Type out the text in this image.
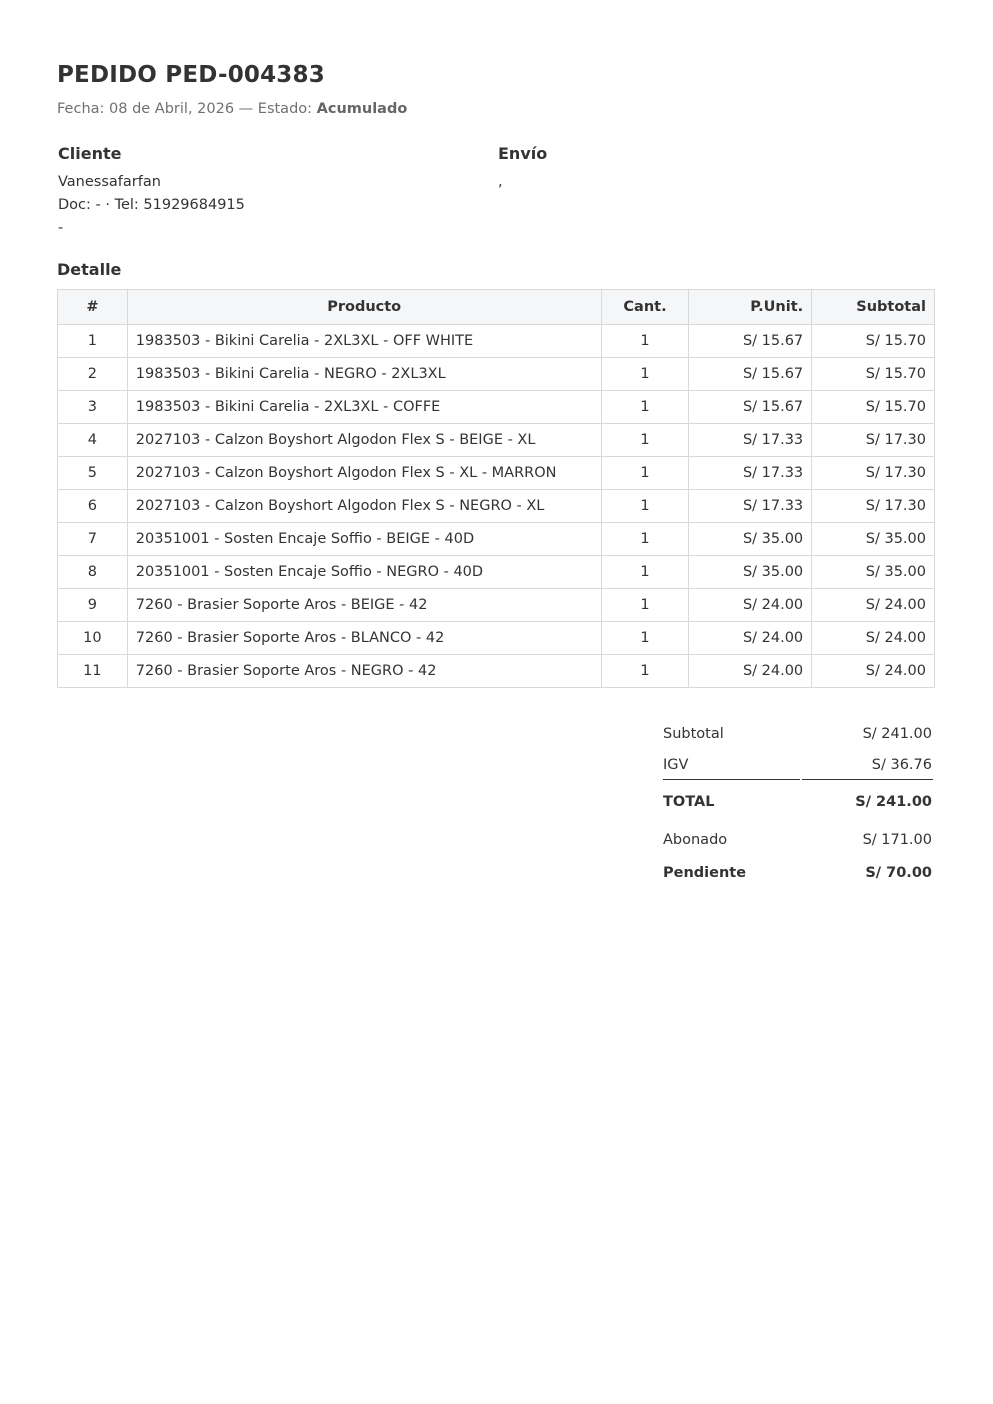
PEDIDO PED-004383
Fecha: 08 de Abril, 2026 — Estado: Acumulado
Cliente
Vanessafarfan
Doc: - · Tel: 51929684915
-
Envío
,
Detalle
#	Producto	Cant.	P.Unit.	Subtotal
1	1983503 - Bikini Carelia - 2XL3XL - OFF WHITE	1	S/ 15.67	S/ 15.70
2	1983503 - Bikini Carelia - NEGRO - 2XL3XL	1	S/ 15.67	S/ 15.70
3	1983503 - Bikini Carelia - 2XL3XL - COFFE	1	S/ 15.67	S/ 15.70
4	2027103 - Calzon Boyshort Algodon Flex S - BEIGE - XL	1	S/ 17.33	S/ 17.30
5	2027103 - Calzon Boyshort Algodon Flex S - XL - MARRON	1	S/ 17.33	S/ 17.30
6	2027103 - Calzon Boyshort Algodon Flex S - NEGRO - XL	1	S/ 17.33	S/ 17.30
7	20351001 - Sosten Encaje Soffio - BEIGE - 40D	1	S/ 35.00	S/ 35.00
8	20351001 - Sosten Encaje Soffio - NEGRO - 40D	1	S/ 35.00	S/ 35.00
9	7260 - Brasier Soporte Aros - BEIGE - 42	1	S/ 24.00	S/ 24.00
10	7260 - Brasier Soporte Aros - BLANCO - 42	1	S/ 24.00	S/ 24.00
11	7260 - Brasier Soporte Aros - NEGRO - 42	1	S/ 24.00	S/ 24.00
Subtotal	S/ 241.00
IGV	S/ 36.76
TOTAL	S/ 241.00
Abonado	S/ 171.00
Pendiente	S/ 70.00
